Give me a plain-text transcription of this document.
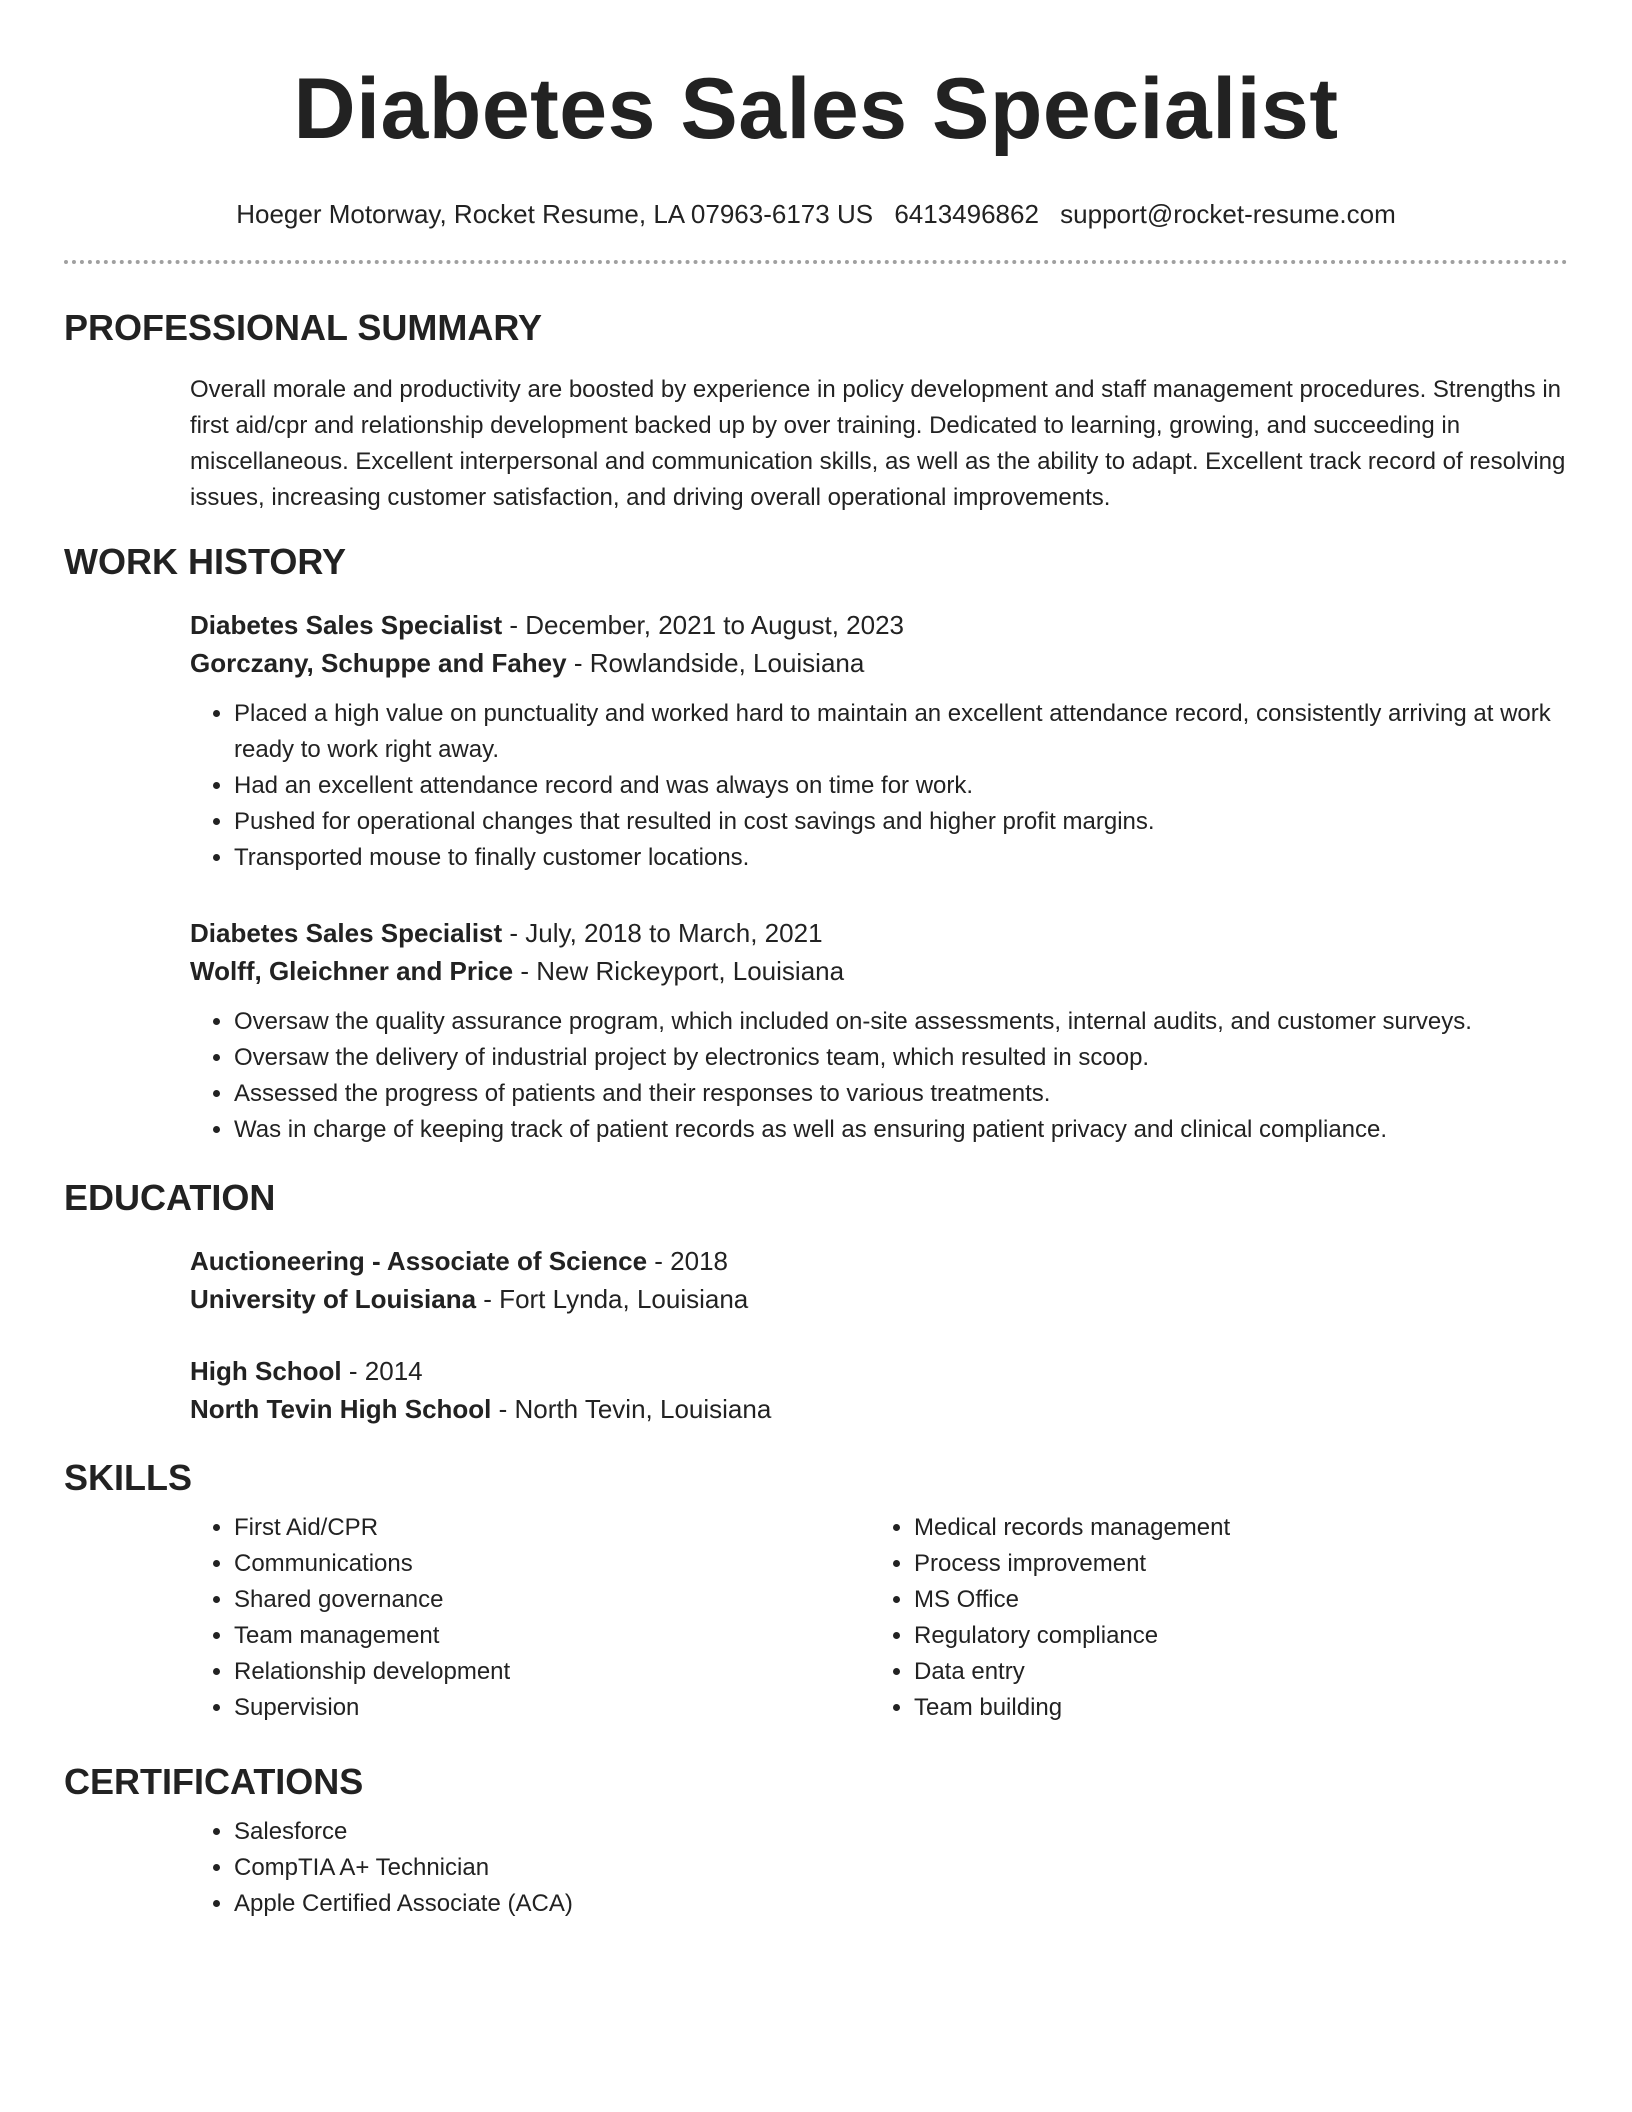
Diabetes Sales Specialist
Hoeger Motorway, Rocket Resume, LA 07963-6173 US 6413496862 support@rocket-resume.com
PROFESSIONAL SUMMARY
Overall morale and productivity are boosted by experience in policy development and staff management procedures. Strengths in first aid/cpr and relationship development backed up by over training. Dedicated to learning, growing, and succeeding in miscellaneous. Excellent interpersonal and communication skills, as well as the ability to adapt. Excellent track record of resolving issues, increasing customer satisfaction, and driving overall operational improvements.
WORK HISTORY
Diabetes Sales Specialist - December, 2021 to August, 2023
Gorczany, Schuppe and Fahey - Rowlandside, Louisiana
• Placed a high value on punctuality and worked hard to maintain an excellent attendance record, consistently arriving at work ready to work right away.
• Had an excellent attendance record and was always on time for work.
• Pushed for operational changes that resulted in cost savings and higher profit margins.
• Transported mouse to finally customer locations.
Diabetes Sales Specialist - July, 2018 to March, 2021
Wolff, Gleichner and Price - New Rickeyport, Louisiana
• Oversaw the quality assurance program, which included on-site assessments, internal audits, and customer surveys.
• Oversaw the delivery of industrial project by electronics team, which resulted in scoop.
• Assessed the progress of patients and their responses to various treatments.
• Was in charge of keeping track of patient records as well as ensuring patient privacy and clinical compliance.
EDUCATION
Auctioneering - Associate of Science - 2018
University of Louisiana - Fort Lynda, Louisiana
High School - 2014
North Tevin High School - North Tevin, Louisiana
SKILLS
• First Aid/CPR
• Communications
• Shared governance
• Team management
• Relationship development
• Supervision
• Medical records management
• Process improvement
• MS Office
• Regulatory compliance
• Data entry
• Team building
CERTIFICATIONS
• Salesforce
• CompTIA A+ Technician
• Apple Certified Associate (ACA)
